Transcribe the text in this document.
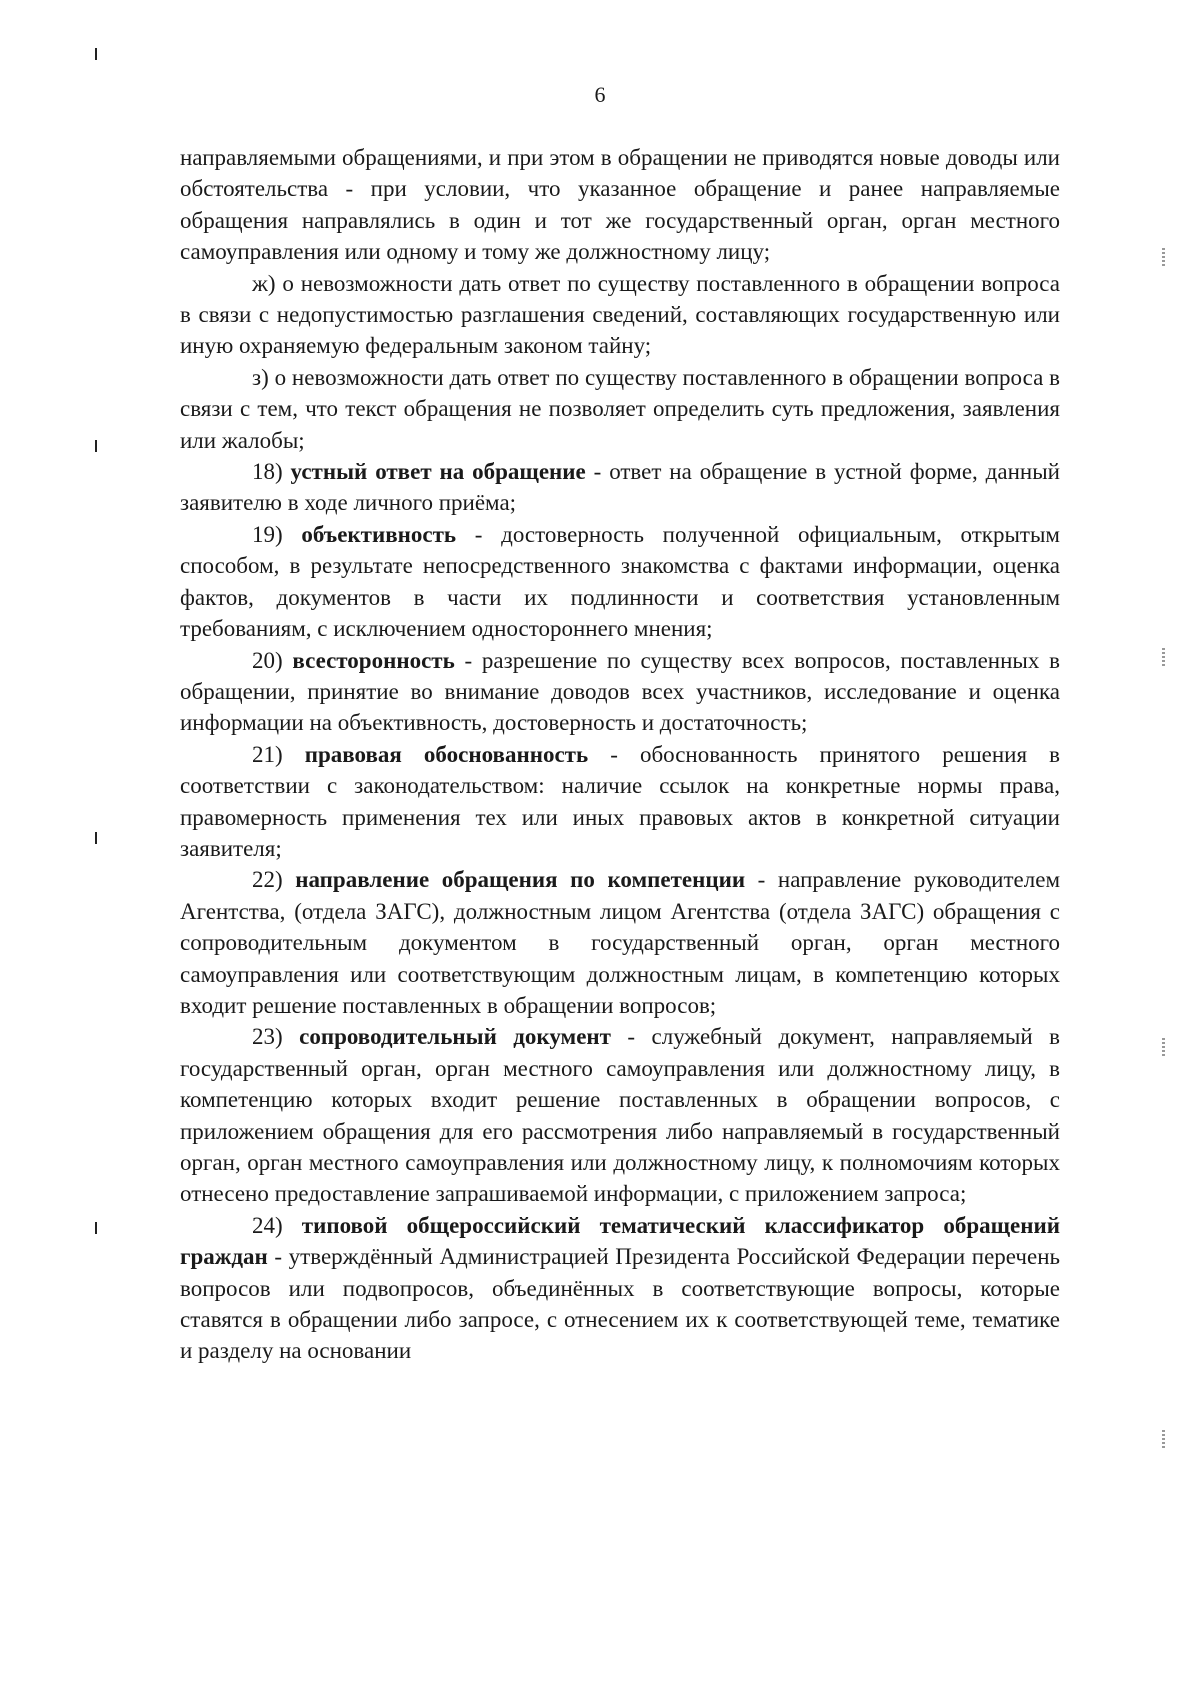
6

направляемыми обращениями, и при этом в обращении не приводятся новые доводы или обстоятельства - при условии, что указанное обращение и ранее направляемые обращения направлялись в один и тот же государственный орган, орган местного самоуправления или одному и тому же должностному лицу;

ж) о невозможности дать ответ по существу поставленного в обращении вопроса в связи с недопустимостью разглашения сведений, составляющих государственную или иную охраняемую федеральным законом тайну;

з) о невозможности дать ответ по существу поставленного в обращении вопроса в связи с тем, что текст обращения не позволяет определить суть предложения, заявления или жалобы;

18) устный ответ на обращение - ответ на обращение в устной форме, данный заявителю в ходе личного приёма;

19) объективность - достоверность полученной официальным, открытым способом, в результате непосредственного знакомства с фактами информации, оценка фактов, документов в части их подлинности и соответствия установленным требованиям, с исключением одностороннего мнения;

20) всесторонность - разрешение по существу всех вопросов, поставленных в обращении, принятие во внимание доводов всех участников, исследование и оценка информации на объективность, достоверность и достаточность;

21) правовая обоснованность - обоснованность принятого решения в соответствии с законодательством: наличие ссылок на конкретные нормы права, правомерность применения тех или иных правовых актов в конкретной ситуации заявителя;

22) направление обращения по компетенции - направление руководителем Агентства, (отдела ЗАГС), должностным лицом Агентства (отдела ЗАГС) обращения с сопроводительным документом в государственный орган, орган местного самоуправления или соответствующим должностным лицам, в компетенцию которых входит решение поставленных в обращении вопросов;

23) сопроводительный документ - служебный документ, направляемый в государственный орган, орган местного самоуправления или должностному лицу, в компетенцию которых входит решение поставленных в обращении вопросов, с приложением обращения для его рассмотрения либо направляемый в государственный орган, орган местного самоуправления или должностному лицу, к полномочиям которых отнесено предоставление запрашиваемой информации, с приложением запроса;

24) типовой общероссийский тематический классификатор обращений граждан - утверждённый Администрацией Президента Российской Федерации перечень вопросов или подвопросов, объединённых в соответствующие вопросы, которые ставятся в обращении либо запросе, с отнесением их к соответствующей теме, тематике и разделу на основании
